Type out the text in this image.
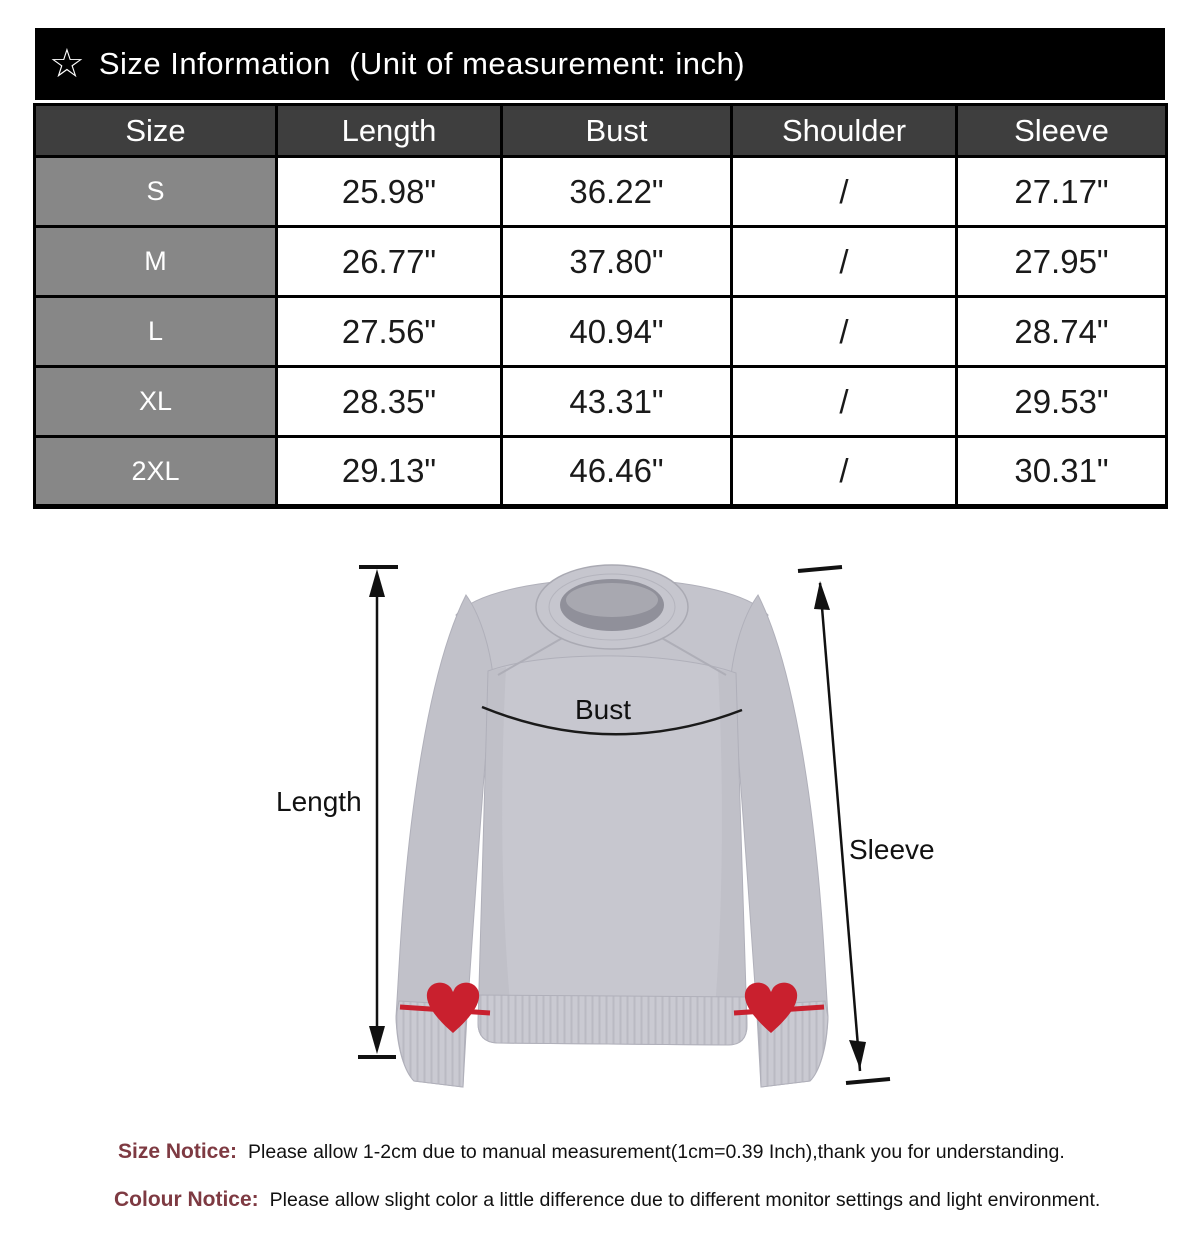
☆ Size Information  (Unit of measurement: inch)
Size	Length	Bust	Shoulder	Sleeve
S	25.98"	36.22"	/	27.17"
M	26.77"	37.80"	/	27.95"
L	27.56"	40.94"	/	28.74"
XL	28.35"	43.31"	/	29.53"
2XL	29.13"	46.46"	/	30.31"
Length
Bust
Sleeve

Size Notice: Please allow 1-2cm due to manual measurement(1cm=0.39 Inch),thank you for understanding.

Colour Notice: Please allow slight color a little difference due to different monitor settings and light environment.
